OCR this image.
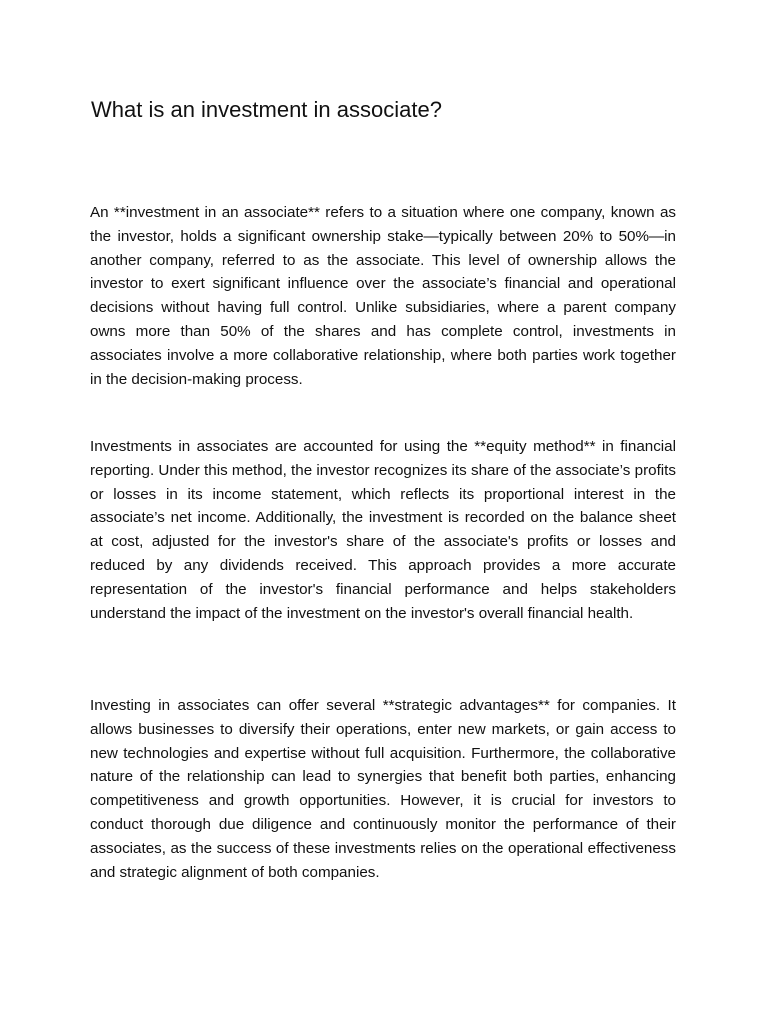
What is an investment in associate?

An **investment in an associate** refers to a situation where one company, known as the investor, holds a significant ownership stake—typically between 20% to 50%—in another company, referred to as the associate. This level of ownership allows the investor to exert significant influence over the associate’s financial and operational decisions without having full control. Unlike subsidiaries, where a parent company owns more than 50% of the shares and has complete control, investments in associates involve a more collaborative relationship, where both parties work together in the decision-making process.

Investments in associates are accounted for using the **equity method** in financial reporting. Under this method, the investor recognizes its share of the associate’s profits or losses in its income statement, which reflects its proportional interest in the associate’s net income. Additionally, the investment is recorded on the balance sheet at cost, adjusted for the investor's share of the associate's profits or losses and reduced by any dividends received. This approach provides a more accurate representation of the investor's financial performance and helps stakeholders understand the impact of the investment on the investor's overall financial health.

Investing in associates can offer several **strategic advantages** for companies. It allows businesses to diversify their operations, enter new markets, or gain access to new technologies and expertise without full acquisition. Furthermore, the collaborative nature of the relationship can lead to synergies that benefit both parties, enhancing competitiveness and growth opportunities. However, it is crucial for investors to conduct thorough due diligence and continuously monitor the performance of their associates, as the success of these investments relies on the operational effectiveness and strategic alignment of both companies.
